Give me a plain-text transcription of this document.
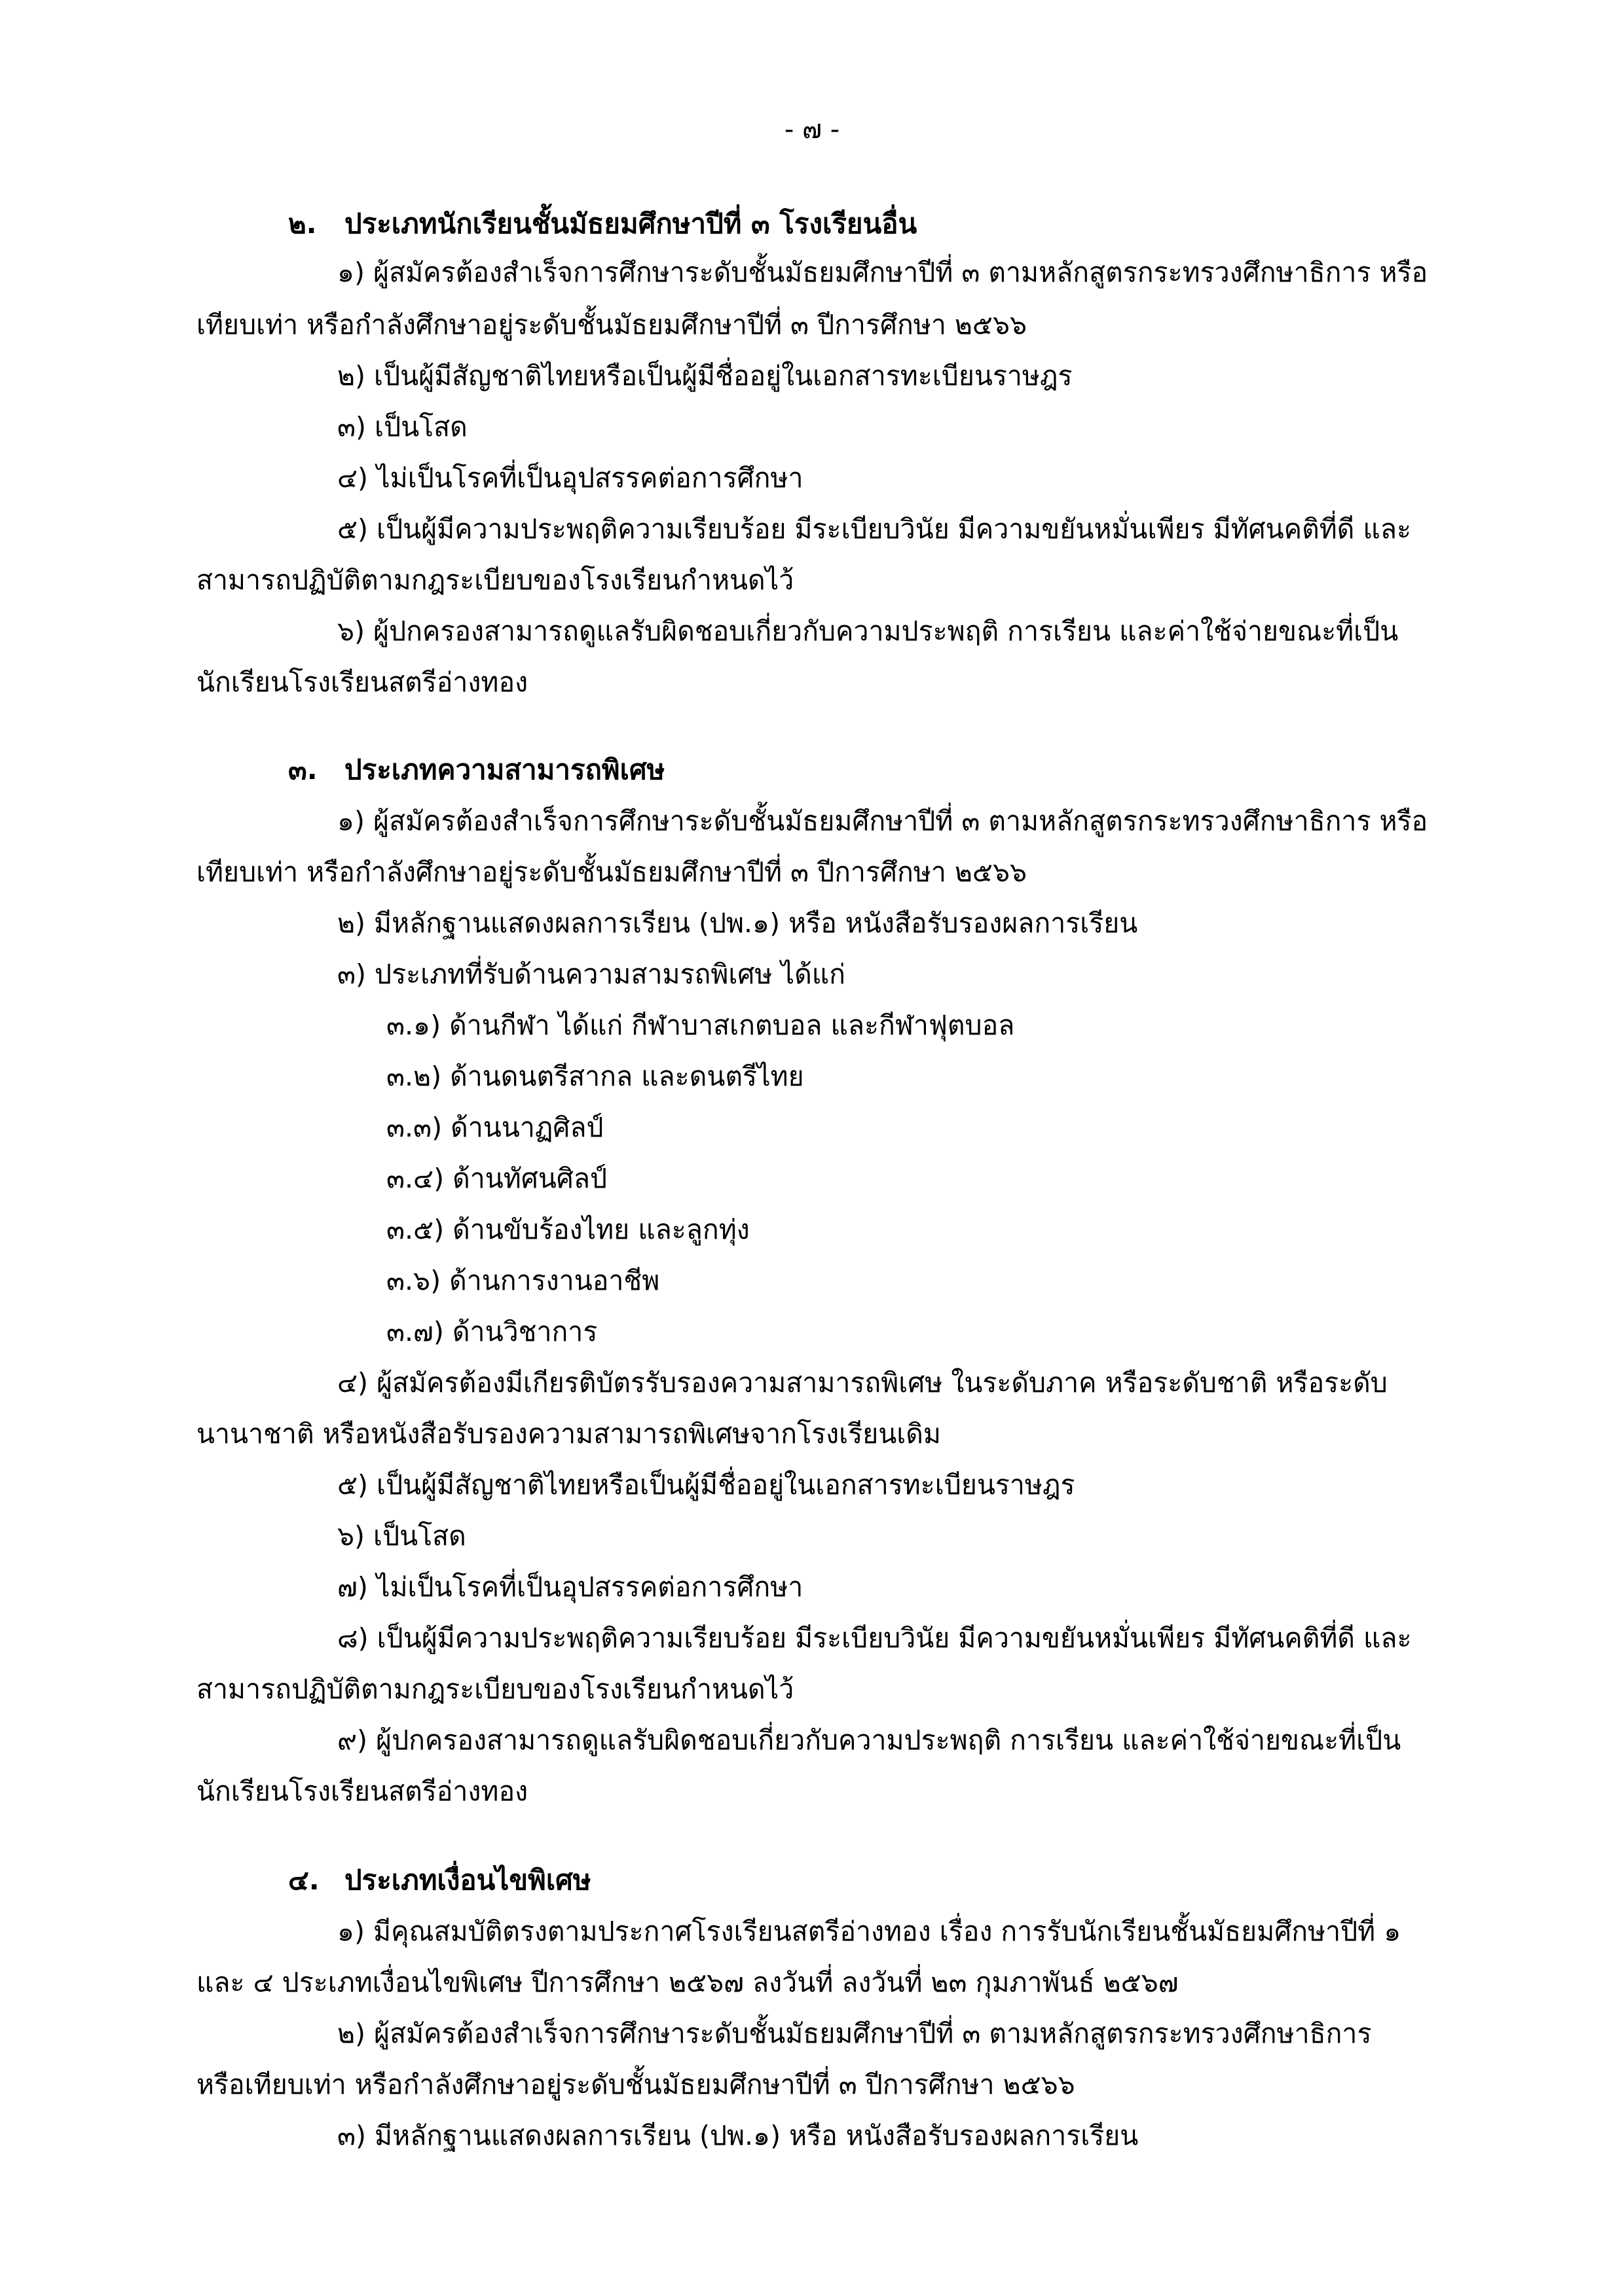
- ๗ -
๒. ประเภทนักเรียนชั้นมัธยมศึกษาปีที่ ๓ โรงเรียนอื่น
๑) ผู้สมัครต้องสำเร็จการศึกษาระดับชั้นมัธยมศึกษาปีที่ ๓ ตามหลักสูตรกระทรวงศึกษาธิการ หรือ
เทียบเท่า หรือกำลังศึกษาอยู่ระดับชั้นมัธยมศึกษาปีที่ ๓ ปีการศึกษา ๒๕๖๖
๒) เป็นผู้มีสัญชาติไทยหรือเป็นผู้มีชื่ออยู่ในเอกสารทะเบียนราษฎร
๓) เป็นโสด
๔) ไม่เป็นโรคที่เป็นอุปสรรคต่อการศึกษา
๕) เป็นผู้มีความประพฤติความเรียบร้อย มีระเบียบวินัย มีความขยันหมั่นเพียร มีทัศนคติที่ดี และ
สามารถปฏิบัติตามกฎระเบียบของโรงเรียนกำหนดไว้
๖) ผู้ปกครองสามารถดูแลรับผิดชอบเกี่ยวกับความประพฤติ การเรียน และค่าใช้จ่ายขณะที่เป็น
นักเรียนโรงเรียนสตรีอ่างทอง
๓. ประเภทความสามารถพิเศษ
๑) ผู้สมัครต้องสำเร็จการศึกษาระดับชั้นมัธยมศึกษาปีที่ ๓ ตามหลักสูตรกระทรวงศึกษาธิการ หรือ
เทียบเท่า หรือกำลังศึกษาอยู่ระดับชั้นมัธยมศึกษาปีที่ ๓ ปีการศึกษา ๒๕๖๖
๒) มีหลักฐานแสดงผลการเรียน (ปพ.๑) หรือ หนังสือรับรองผลการเรียน
๓) ประเภทที่รับด้านความสามรถพิเศษ ได้แก่
๓.๑) ด้านกีฬา ได้แก่ กีฬาบาสเกตบอล และกีฬาฟุตบอล
๓.๒) ด้านดนตรีสากล และดนตรีไทย
๓.๓) ด้านนาฏศิลป์
๓.๔) ด้านทัศนศิลป์
๓.๕) ด้านขับร้องไทย และลูกทุ่ง
๓.๖) ด้านการงานอาชีพ
๓.๗) ด้านวิชาการ
๔) ผู้สมัครต้องมีเกียรติบัตรรับรองความสามารถพิเศษ ในระดับภาค หรือระดับชาติ หรือระดับ
นานาชาติ หรือหนังสือรับรองความสามารถพิเศษจากโรงเรียนเดิม
๕) เป็นผู้มีสัญชาติไทยหรือเป็นผู้มีชื่ออยู่ในเอกสารทะเบียนราษฎร
๖) เป็นโสด
๗) ไม่เป็นโรคที่เป็นอุปสรรคต่อการศึกษา
๘) เป็นผู้มีความประพฤติความเรียบร้อย มีระเบียบวินัย มีความขยันหมั่นเพียร มีทัศนคติที่ดี และ
สามารถปฏิบัติตามกฎระเบียบของโรงเรียนกำหนดไว้
๙) ผู้ปกครองสามารถดูแลรับผิดชอบเกี่ยวกับความประพฤติ การเรียน และค่าใช้จ่ายขณะที่เป็น
นักเรียนโรงเรียนสตรีอ่างทอง
๔. ประเภทเงื่อนไขพิเศษ
๑) มีคุณสมบัติตรงตามประกาศโรงเรียนสตรีอ่างทอง เรื่อง การรับนักเรียนชั้นมัธยมศึกษาปีที่ ๑
และ ๔ ประเภทเงื่อนไขพิเศษ ปีการศึกษา ๒๕๖๗ ลงวันที่ ลงวันที่ ๒๓ กุมภาพันธ์ ๒๕๖๗
๒) ผู้สมัครต้องสำเร็จการศึกษาระดับชั้นมัธยมศึกษาปีที่ ๓ ตามหลักสูตรกระทรวงศึกษาธิการ
หรือเทียบเท่า หรือกำลังศึกษาอยู่ระดับชั้นมัธยมศึกษาปีที่ ๓ ปีการศึกษา ๒๕๖๖
๓) มีหลักฐานแสดงผลการเรียน (ปพ.๑) หรือ หนังสือรับรองผลการเรียน
